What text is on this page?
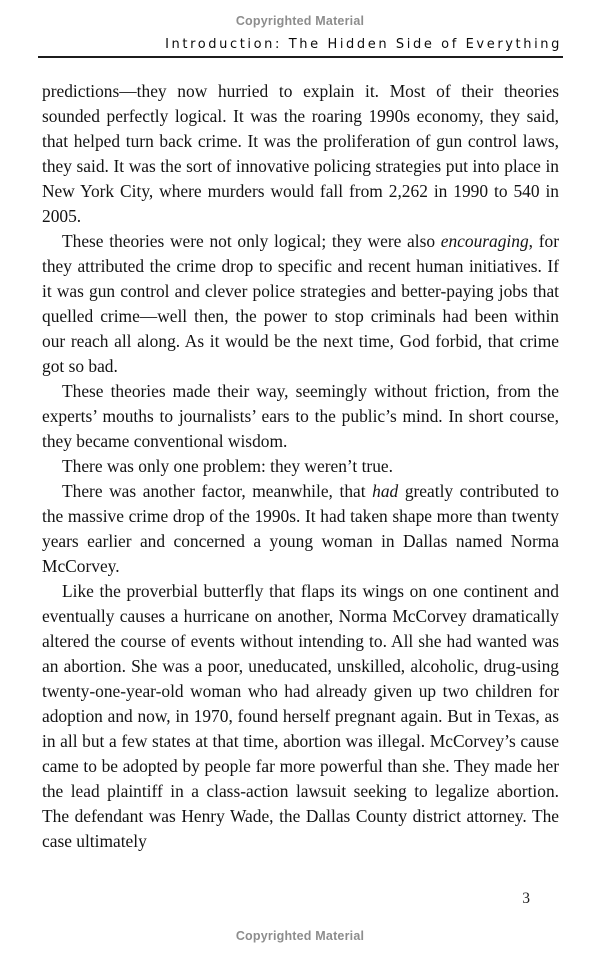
Copyrighted Material
Introduction: The Hidden Side of Everything

predictions—they now hurried to explain it. Most of their theories sounded perfectly logical. It was the roaring 1990s economy, they said, that helped turn back crime. It was the proliferation of gun control laws, they said. It was the sort of innovative policing strategies put into place in New York City, where murders would fall from 2,262 in 1990 to 540 in 2005.

These theories were not only logical; they were also encouraging, for they attributed the crime drop to specific and recent human initiatives. If it was gun control and clever police strategies and better-paying jobs that quelled crime—well then, the power to stop criminals had been within our reach all along. As it would be the next time, God forbid, that crime got so bad.

These theories made their way, seemingly without friction, from the experts’ mouths to journalists’ ears to the public’s mind. In short course, they became conventional wisdom.

There was only one problem: they weren’t true.

There was another factor, meanwhile, that had greatly contributed to the massive crime drop of the 1990s. It had taken shape more than twenty years earlier and concerned a young woman in Dallas named Norma McCorvey.

Like the proverbial butterfly that flaps its wings on one continent and eventually causes a hurricane on another, Norma McCorvey dramatically altered the course of events without intending to. All she had wanted was an abortion. She was a poor, uneducated, unskilled, alcoholic, drug-using twenty-one-year-old woman who had already given up two children for adoption and now, in 1970, found herself pregnant again. But in Texas, as in all but a few states at that time, abortion was illegal. McCorvey’s cause came to be adopted by people far more powerful than she. They made her the lead plaintiff in a class-action lawsuit seeking to legalize abortion. The defendant was Henry Wade, the Dallas County district attorney. The case ultimately

3
Copyrighted Material
